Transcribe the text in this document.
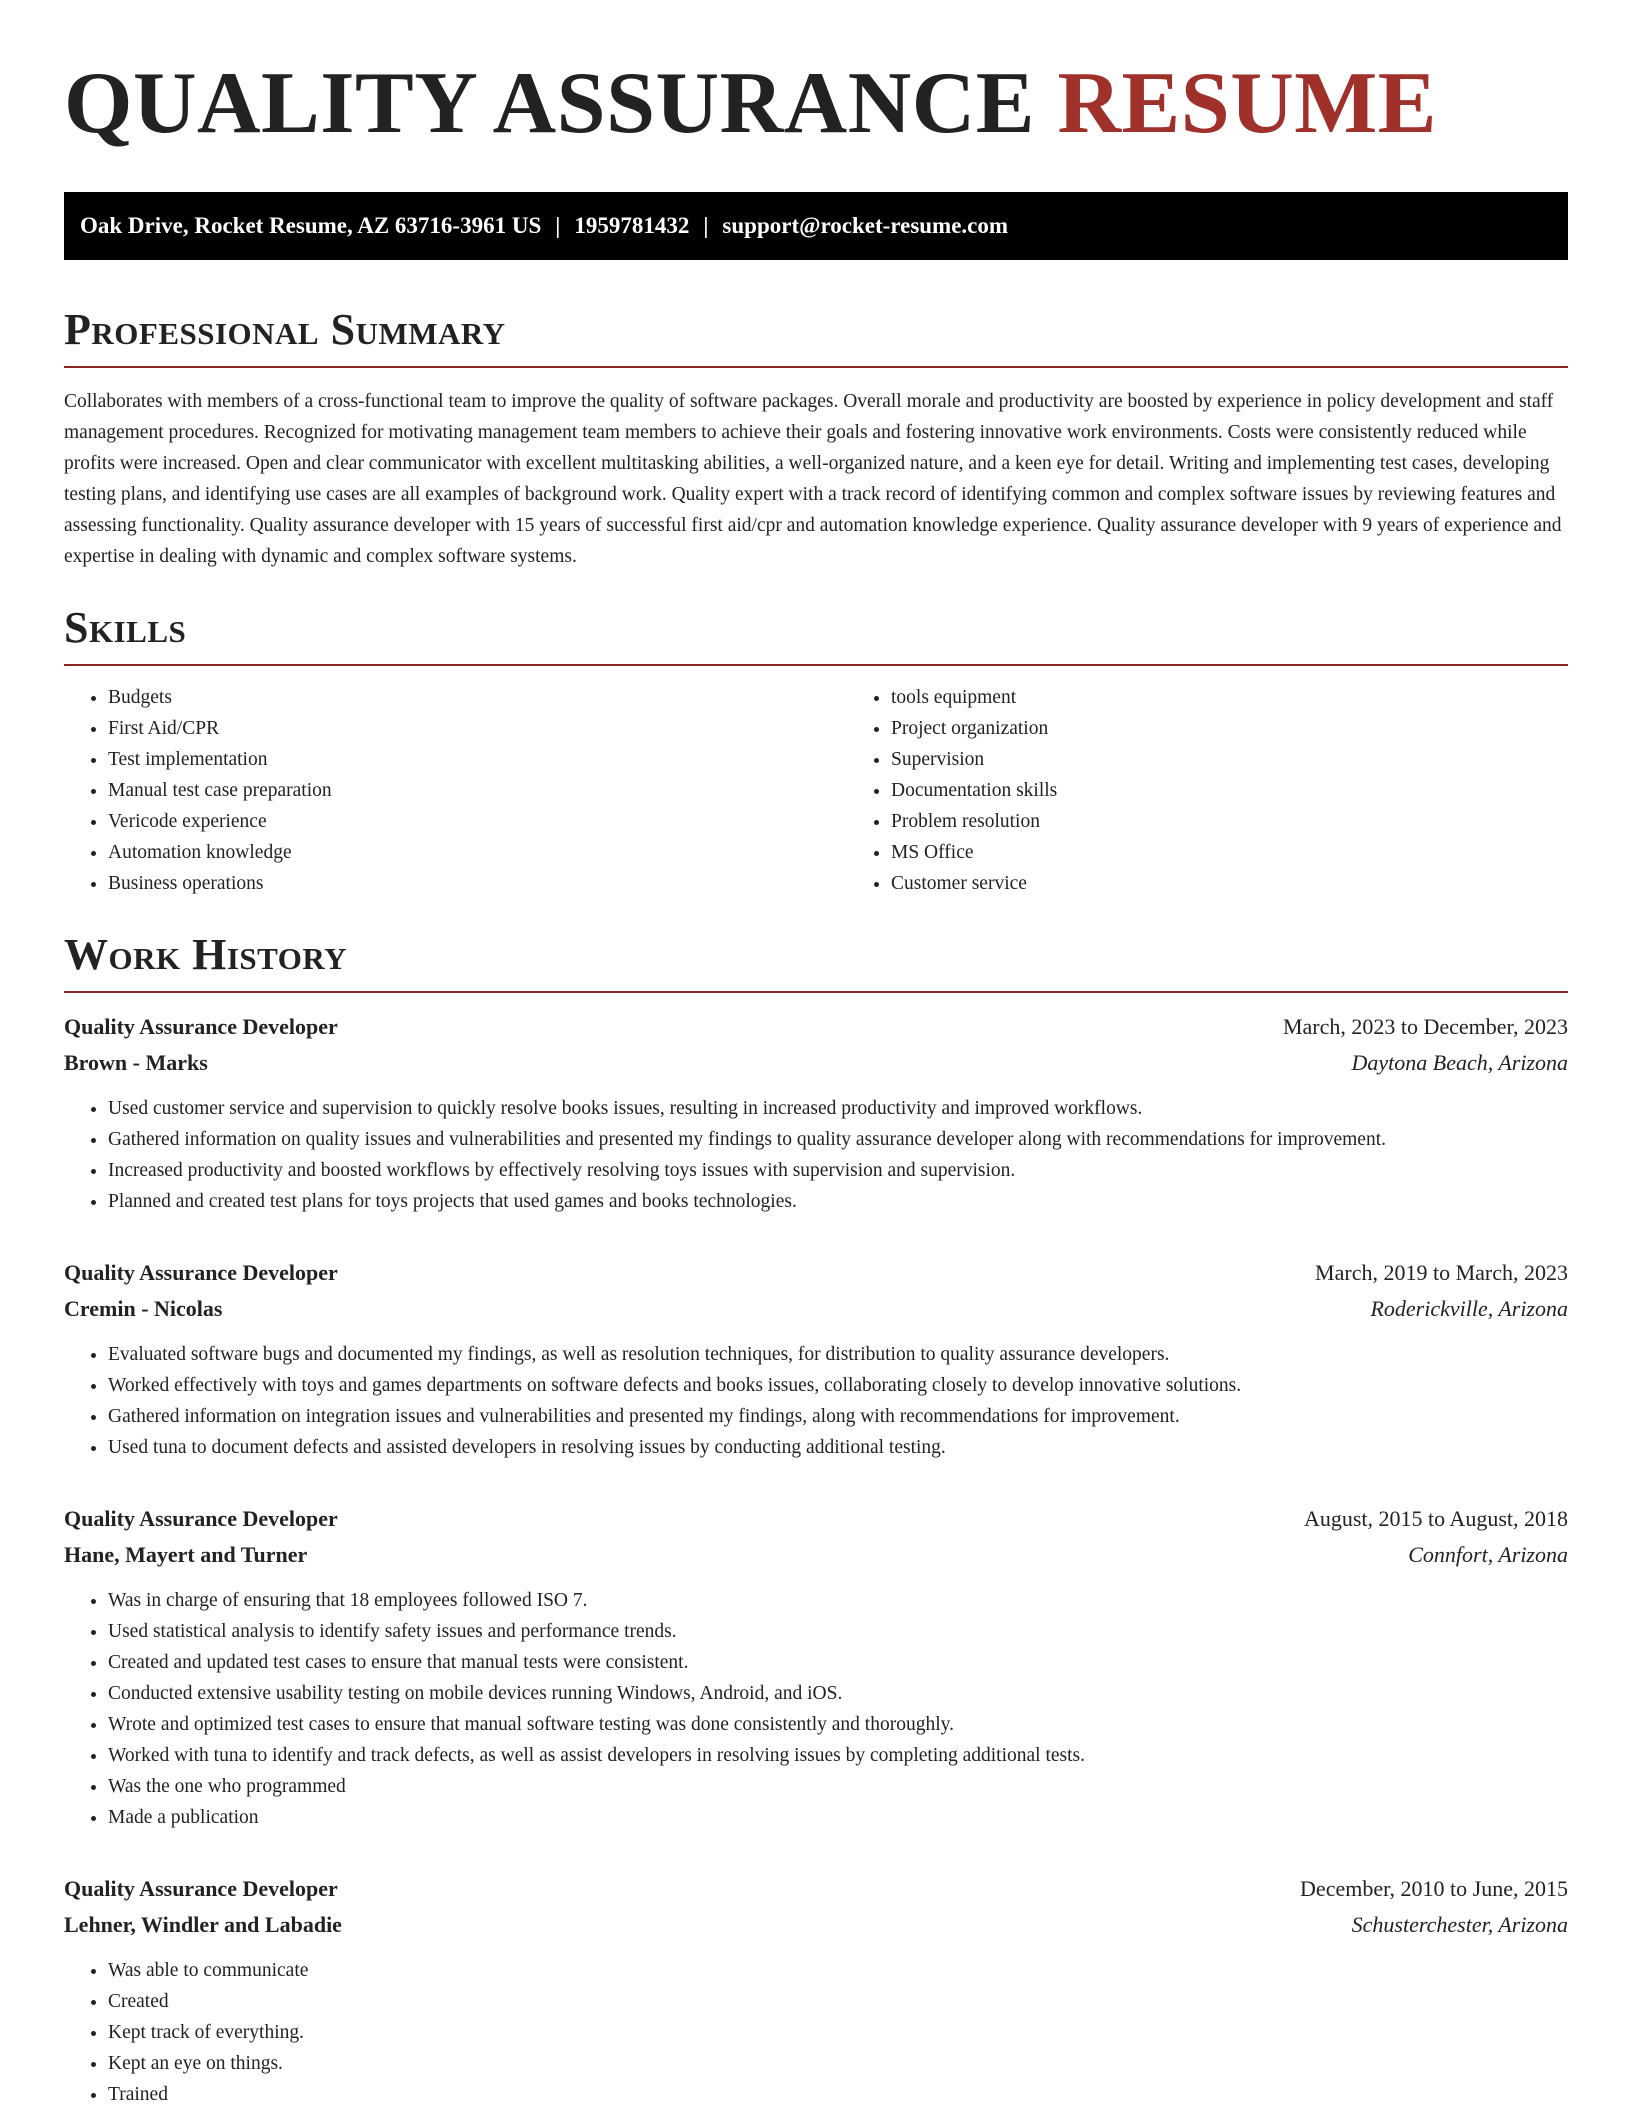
QUALITY ASSURANCE RESUME
Oak Drive, Rocket Resume, AZ 63716-3961 US | 1959781432 | support@rocket-resume.com
Professional Summary

Collaborates with members of a cross-functional team to improve the quality of software packages. Overall morale and productivity are boosted by experience in policy development and staff management procedures. Recognized for motivating management team members to achieve their goals and fostering innovative work environments. Costs were consistently reduced while profits were increased. Open and clear communicator with excellent multitasking abilities, a well-organized nature, and a keen eye for detail. Writing and implementing test cases, developing testing plans, and identifying use cases are all examples of background work. Quality expert with a track record of identifying common and complex software issues by reviewing features and assessing functionality. Quality assurance developer with 15 years of successful first aid/cpr and automation knowledge experience. Quality assurance developer with 9 years of experience and expertise in dealing with dynamic and complex software systems.

Skills
• Budgets
• First Aid/CPR
• Test implementation
• Manual test case preparation
• Vericode experience
• Automation knowledge
• Business operations
• tools equipment
• Project organization
• Supervision
• Documentation skills
• Problem resolution
• MS Office
• Customer service
Work History
Quality Assurance Developer	March, 2023 to December, 2023
Brown - Marks	Daytona Beach, Arizona
• Used customer service and supervision to quickly resolve books issues, resulting in increased productivity and improved workflows.
• Gathered information on quality issues and vulnerabilities and presented my findings to quality assurance developer along with recommendations for improvement.
• Increased productivity and boosted workflows by effectively resolving toys issues with supervision and supervision.
• Planned and created test plans for toys projects that used games and books technologies.
Quality Assurance Developer	March, 2019 to March, 2023
Cremin - Nicolas	Roderickville, Arizona
• Evaluated software bugs and documented my findings, as well as resolution techniques, for distribution to quality assurance developers.
• Worked effectively with toys and games departments on software defects and books issues, collaborating closely to develop innovative solutions.
• Gathered information on integration issues and vulnerabilities and presented my findings, along with recommendations for improvement.
• Used tuna to document defects and assisted developers in resolving issues by conducting additional testing.
Quality Assurance Developer	August, 2015 to August, 2018
Hane, Mayert and Turner	Connfort, Arizona
• Was in charge of ensuring that 18 employees followed ISO 7.
• Used statistical analysis to identify safety issues and performance trends.
• Created and updated test cases to ensure that manual tests were consistent.
• Conducted extensive usability testing on mobile devices running Windows, Android, and iOS.
• Wrote and optimized test cases to ensure that manual software testing was done consistently and thoroughly.
• Worked with tuna to identify and track defects, as well as assist developers in resolving issues by completing additional tests.
• Was the one who programmed
• Made a publication
Quality Assurance Developer	December, 2010 to June, 2015
Lehner, Windler and Labadie	Schusterchester, Arizona
• Was able to communicate
• Created
• Kept track of everything.
• Kept an eye on things.
• Trained
